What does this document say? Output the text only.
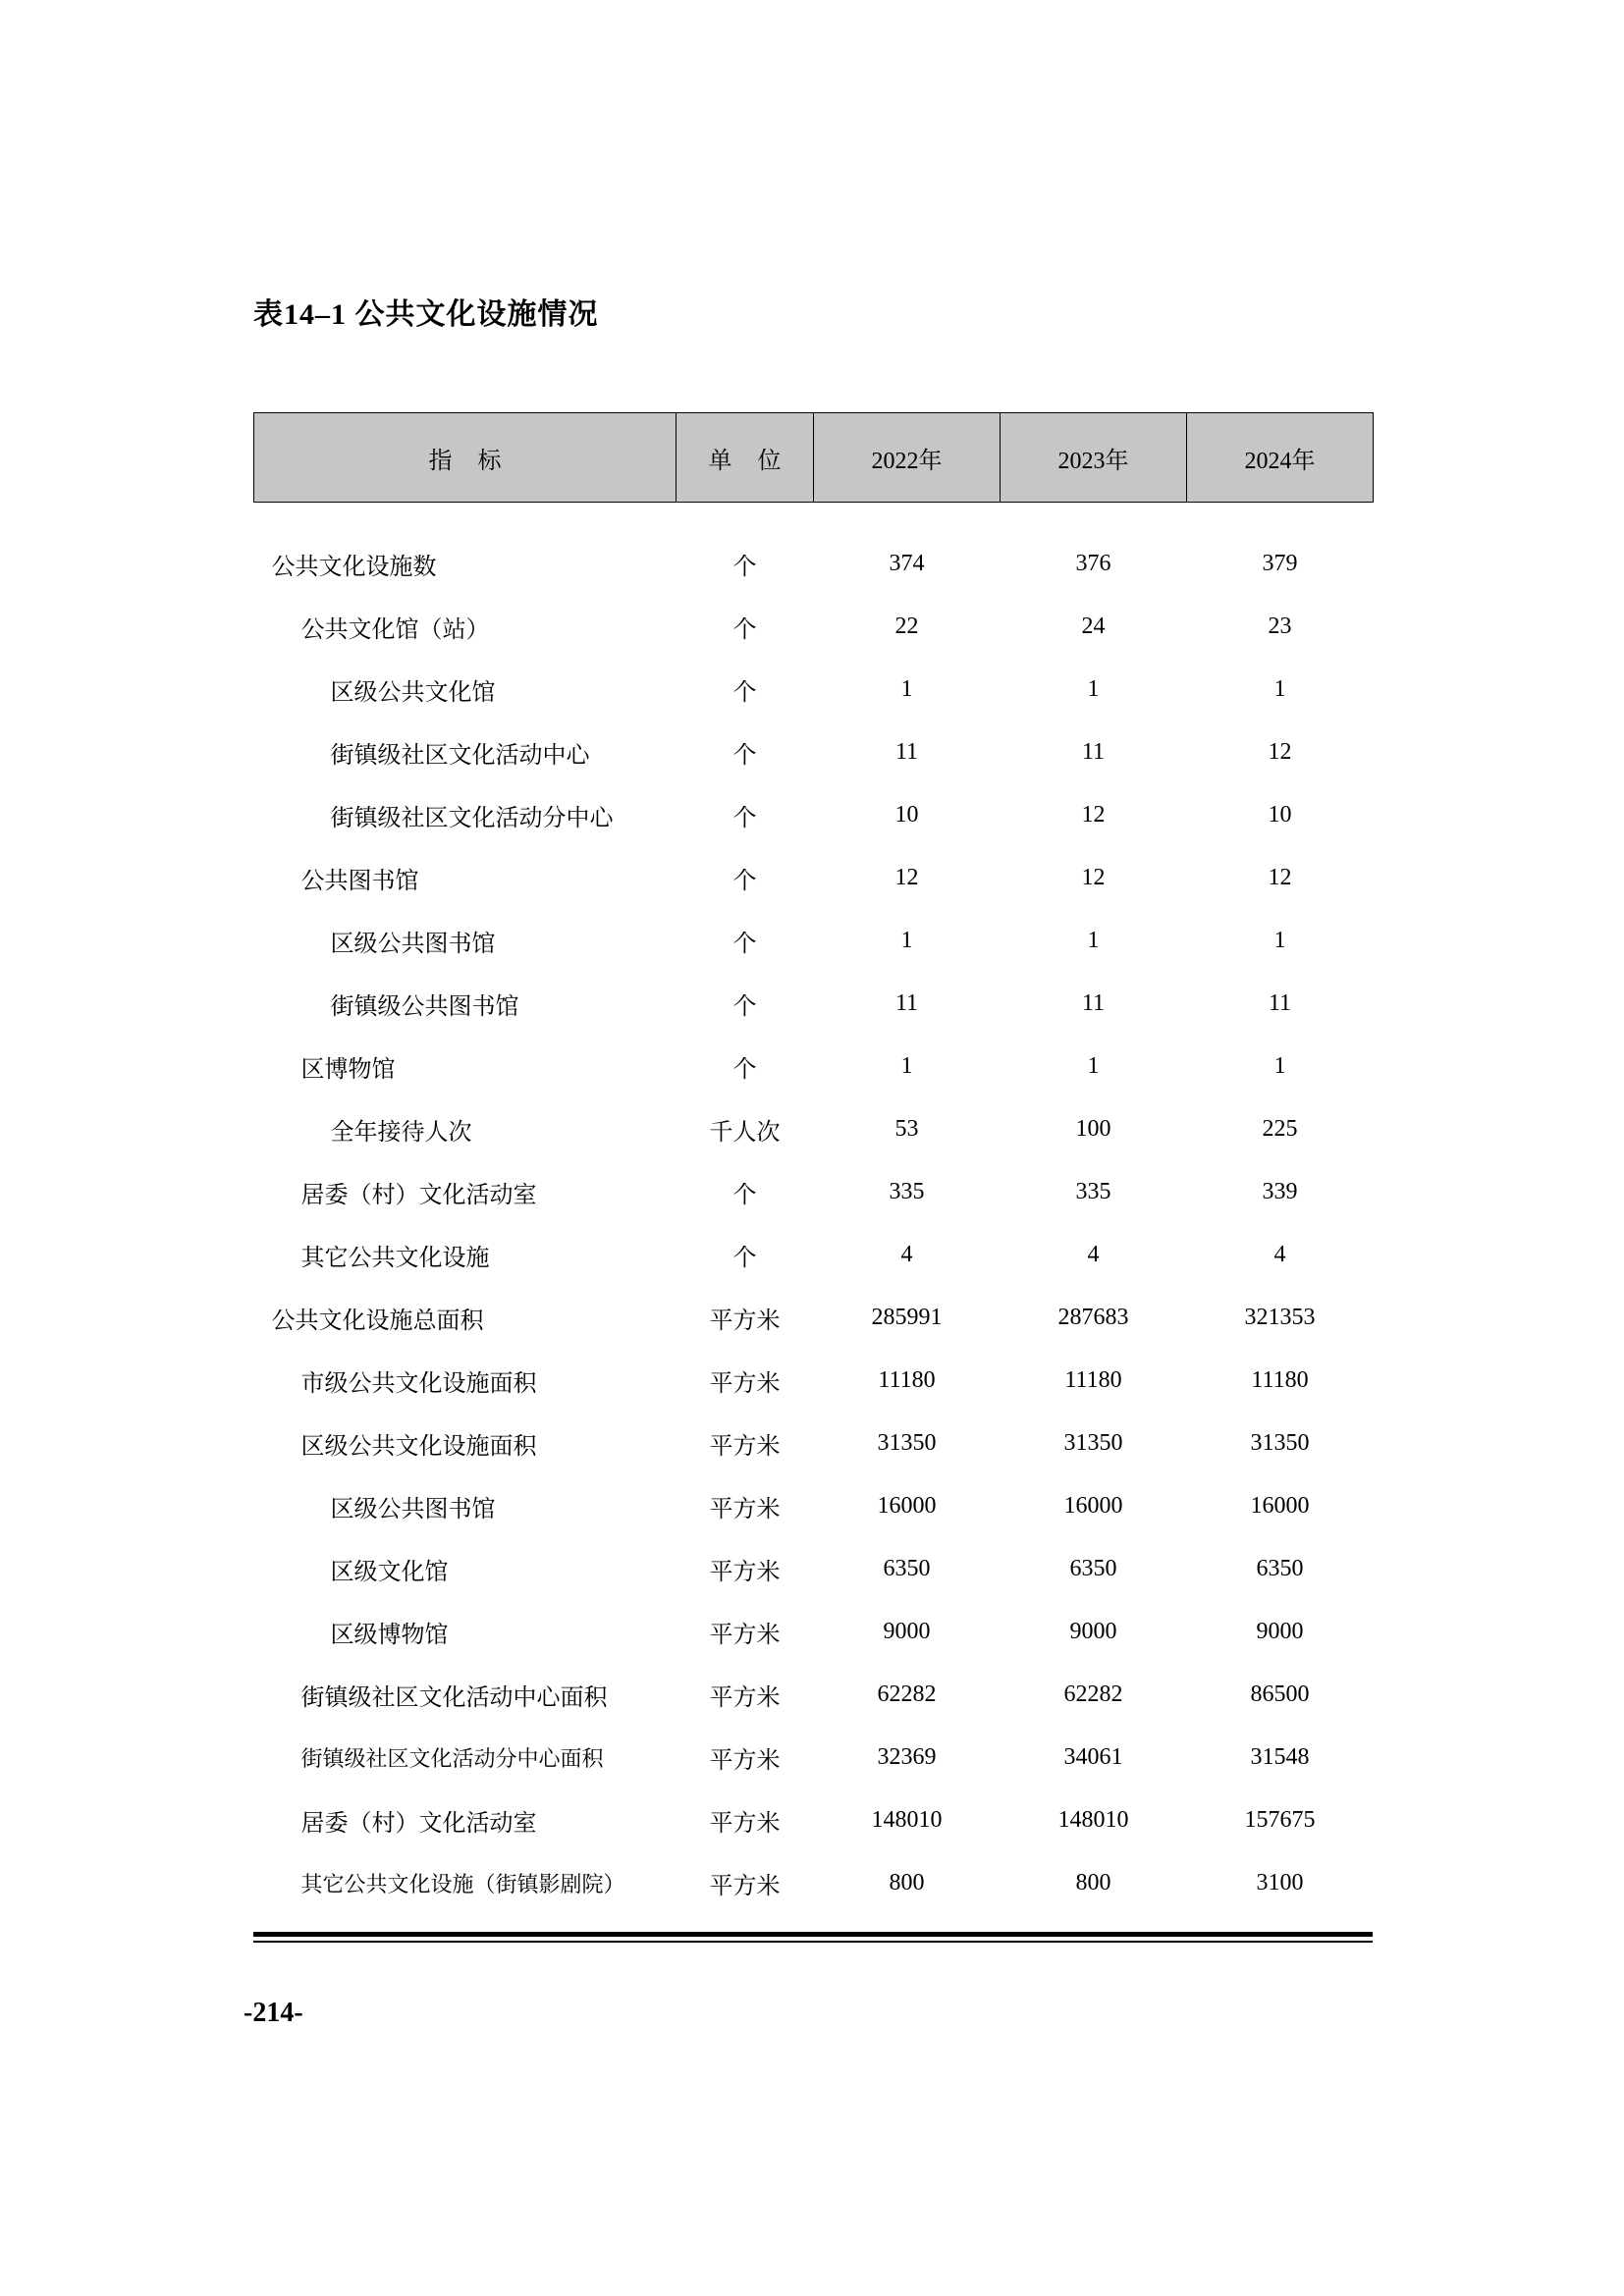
表14–1 公共文化设施情况
指 标	单 位	2022年	2023年	2024年

公共文化设施数	个	374	376	379
公共文化馆（站）	个	22	24	23
区级公共文化馆	个	1	1	1
街镇级社区文化活动中心	个	11	11	12
街镇级社区文化活动分中心	个	10	12	10
公共图书馆	个	12	12	12
区级公共图书馆	个	1	1	1
街镇级公共图书馆	个	11	11	11
区博物馆	个	1	1	1
全年接待人次	千人次	53	100	225
居委（村）文化活动室	个	335	335	339
其它公共文化设施	个	4	4	4
公共文化设施总面积	平方米	285991	287683	321353
市级公共文化设施面积	平方米	11180	11180	11180
区级公共文化设施面积	平方米	31350	31350	31350
区级公共图书馆	平方米	16000	16000	16000
区级文化馆	平方米	6350	6350	6350
区级博物馆	平方米	9000	9000	9000
街镇级社区文化活动中心面积	平方米	62282	62282	86500
街镇级社区文化活动分中心面积	平方米	32369	34061	31548
居委（村）文化活动室	平方米	148010	148010	157675
其它公共文化设施（街镇影剧院）	平方米	800	800	3100
-214-
